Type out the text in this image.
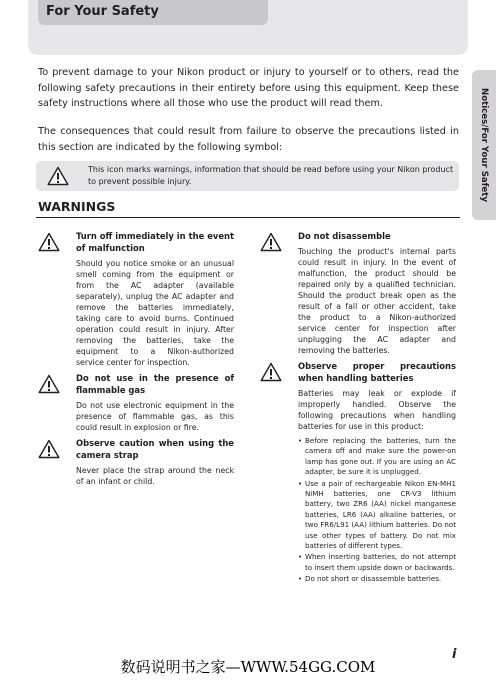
For Your Safety
Notices/For Your Safety

To prevent damage to your Nikon product or injury to yourself or to others, read the following safety precautions in their entirety before using this equipment. Keep these safety instructions where all those who use the product will read them.

The consequences that could result from failure to observe the precautions listed in this section are indicated by the following symbol:

This icon marks warnings, information that should be read before using your Nikon product to prevent possible injury.

WARNINGS
Turn off immediately in the event of malfunction

Should you notice smoke or an unusual smell coming from the equipment or from the AC adapter (available separately), unplug the AC adapter and remove the batteries immediately, taking care to avoid burns. Continued operation could result in injury. After removing the batteries, take the equipment to a Nikon-authorized service center for inspection.

Do not use in the presence of flammable gas

Do not use electronic equipment in the presence of flammable gas, as this could result in explosion or fire.

Observe caution when using the camera strap

Never place the strap around the neck of an infant or child.

Do not disassemble

Touching the product's internal parts could result in injury. In the event of malfunction, the product should be repaired only by a qualified technician. Should the product break open as the result of a fall or other accident, take the product to a Nikon-authorized service center for inspection after unplugging the AC adapter and removing the batteries.

Observe proper precautions when handling batteries

Batteries may leak or explode if improperly handled. Observe the following precautions when handling batteries for use in this product:

• Before replacing the batteries, turn the camera off and make sure the power-on lamp has gone out. If you are using an AC adapter, be sure it is unplugged.
• Use a pair of rechargeable Nikon EN-MH1 NiMH batteries, one CR-V3 lithium battery, two ZR6 (AA) nickel manganese batteries, LR6 (AA) alkaline batteries, or two FR6/L91 (AA) lithium batteries. Do not use other types of battery. Do not mix batteries of different types.
• When inserting batteries, do not attempt to insert them upside down or backwards.
• Do not short or disassemble batteries.
i
数码说明书之家—WWW.54GG.COM
